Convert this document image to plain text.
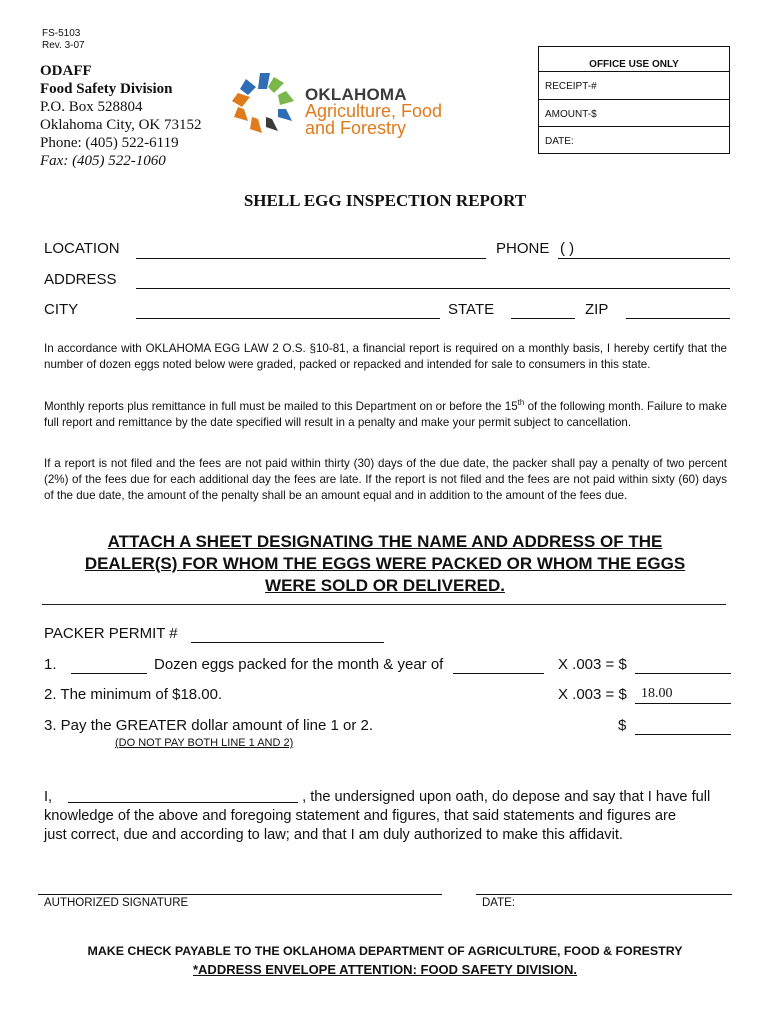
FS-5103
Rev. 3-07
ODAFF
Food Safety Division
P.O. Box 528804
Oklahoma City, OK 73152
Phone: (405) 522-6119
Fax: (405) 522-1060
OKLAHOMA
Agriculture, Food
and Forestry
OFFICE USE ONLY
RECEIPT-#
AMOUNT-$
DATE:
SHELL EGG INSPECTION REPORT
LOCATION	PHONE ( )
ADDRESS
CITY	STATE	ZIP
In accordance with OKLAHOMA EGG LAW 2 O.S. §10-81, a financial report is required on a monthly basis, I hereby certify that the number of dozen eggs noted below were graded, packed or repacked and intended for sale to consumers in this state.
Monthly reports plus remittance in full must be mailed to this Department on or before the 15th of the following month. Failure to make full report and remittance by the date specified will result in a penalty and make your permit subject to cancellation.
If a report is not filed and the fees are not paid within thirty (30) days of the due date, the packer shall pay a penalty of two percent (2%) of the fees due for each additional day the fees are late. If the report is not filed and the fees are not paid within sixty (60) days of the due date, the amount of the penalty shall be an amount equal and in addition to the amount of the fees due.
ATTACH A SHEET DESIGNATING THE NAME AND ADDRESS OF THE
DEALER(S) FOR WHOM THE EGGS WERE PACKED OR WHOM THE EGGS
WERE SOLD OR DELIVERED.
PACKER PERMIT #
1.	Dozen eggs packed for the month & year of	X .003 = $
2. The minimum of $18.00.	X .003 = $ 18.00
3. Pay the GREATER dollar amount of line 1 or 2.	$
(DO NOT PAY BOTH LINE 1 AND 2)
I,	, the undersigned upon oath, do depose and say that I have full
knowledge of the above and foregoing statement and figures, that said statements and figures are
just correct, due and according to law; and that I am duly authorized to make this affidavit.
AUTHORIZED SIGNATURE	DATE:
MAKE CHECK PAYABLE TO THE OKLAHOMA DEPARTMENT OF AGRICULTURE, FOOD & FORESTRY
*ADDRESS ENVELOPE ATTENTION: FOOD SAFETY DIVISION.
